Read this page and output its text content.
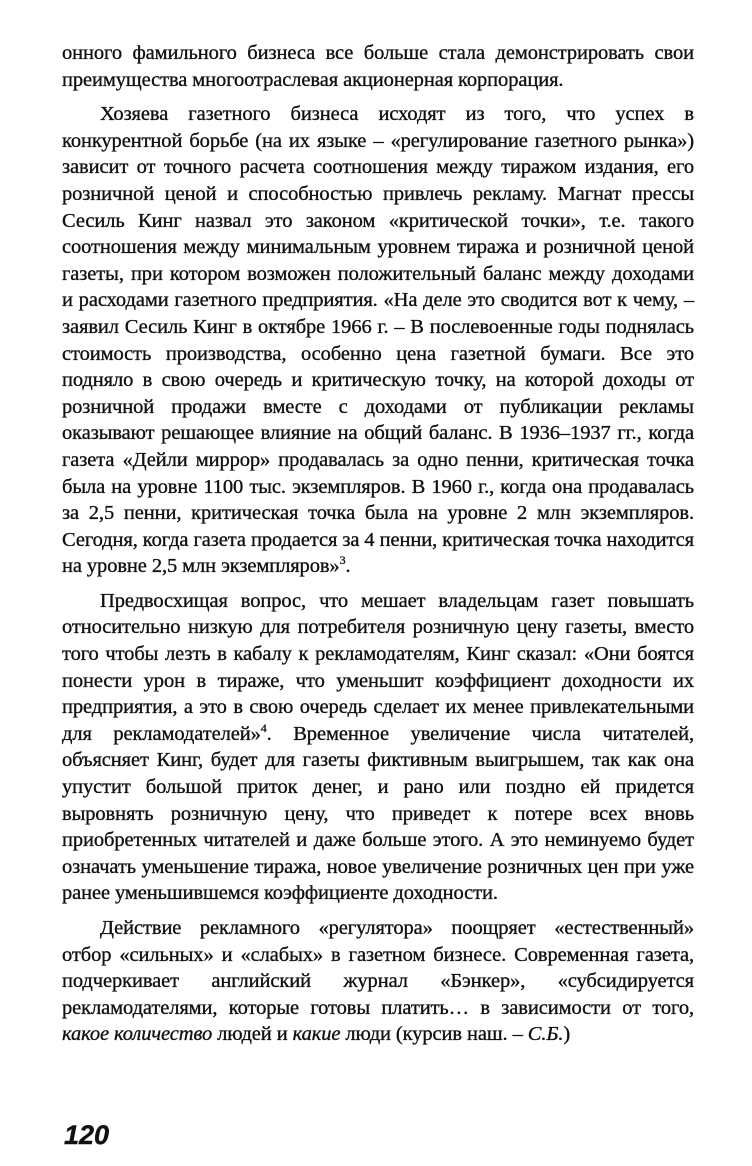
онного фамильного бизнеса все больше стала демонстрировать свои преимущества многоотраслевая акционерная корпорация.

Хозяева газетного бизнеса исходят из того, что успех в конкурентной борьбе (на их языке – «регулирование газетного рынка») зависит от точного расчета соотношения между тиражом издания, его розничной ценой и способностью привлечь рекламу. Магнат прессы Сесиль Кинг назвал это законом «критической точки», т.е. такого соотношения между минимальным уровнем тиража и розничной ценой газеты, при котором возможен положительный баланс между доходами и расходами газетного предприятия. «На деле это сводится вот к чему, – заявил Сесиль Кинг в октябре 1966 г. – В послевоенные годы поднялась стоимость производства, особенно цена газетной бумаги. Все это подняло в свою очередь и критическую точку, на которой доходы от розничной продажи вместе с доходами от публикации рекламы оказывают решающее влияние на общий баланс. В 1936–1937 гг., когда газета «Дейли миррор» продавалась за одно пенни, критическая точка была на уровне 1100 тыс. экземпляров. В 1960 г., когда она продавалась за 2,5 пенни, критическая точка была на уровне 2 млн экземпляров. Сегодня, когда газета продается за 4 пенни, критическая точка находится на уровне 2,5 млн экземпляров»$^3$.

Предвосхищая вопрос, что мешает владельцам газет повышать относительно низкую для потребителя розничную цену газеты, вместо того чтобы лезть в кабалу к рекламодателям, Кинг сказал: «Они боятся понести урон в тираже, что уменьшит коэффициент доходности их предприятия, а это в свою очередь сделает их менее привлекательными для рекламодателей»$^4$. Временное увеличение числа читателей, объясняет Кинг, будет для газеты фиктивным выигрышем, так как она упустит большой приток денег, и рано или поздно ей придется выровнять розничную цену, что приведет к потере всех вновь приобретенных читателей и даже больше этого. А это неминуемо будет означать уменьшение тиража, новое увеличение розничных цен при уже ранее уменьшившемся коэффициенте доходности.

Действие рекламного «регулятора» поощряет «естественный» отбор «сильных» и «слабых» в газетном бизнесе. Современная газета, подчеркивает английский журнал «Бэнкер», «субсидируется рекламодателями, которые готовы платить… в зависимости от того, какое количество людей и какие люди (курсив наш. – С.Б.)

120
